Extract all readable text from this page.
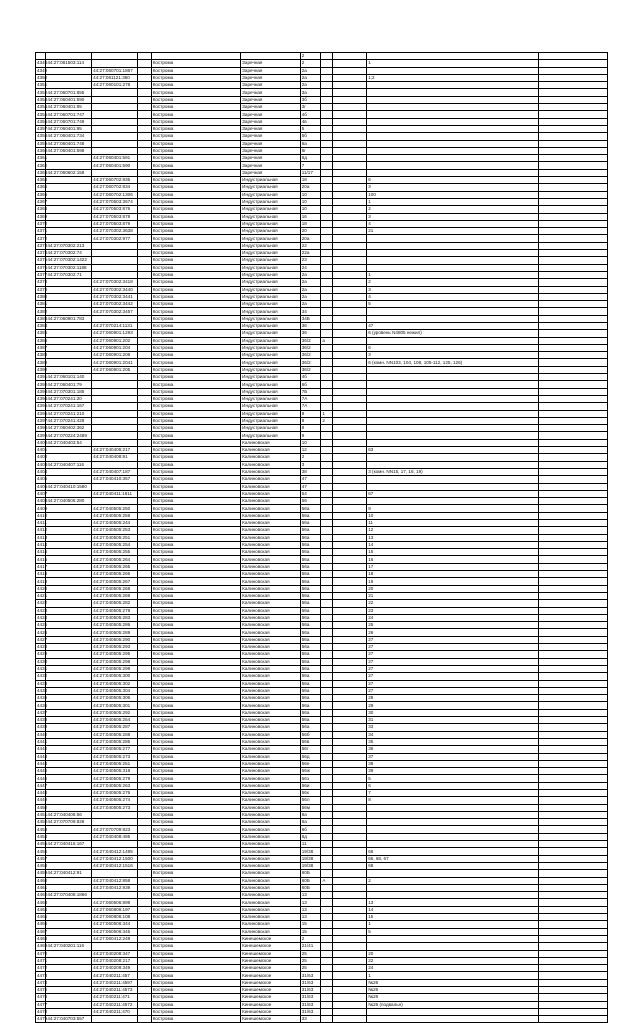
						2				
4348	44:27:081503:114			Кострома	Заречная	2			1	
4349		44:27:060701:1867		Кострома	Заречная	2а				
4350		44:27:061121:360		Кострома	Заречная	2а			1;2	
4351		44:27:060101:278		Кострома	Заречная	2а				
4352	44:27:060701:855			Кострома	Заречная	3а				
4353	44:27:060401:590			Кострома	Заречная	3б				
4354	44:27:060401:95			Кострома	Заречная	3г				
4355	44:27:060701:747			Кострома	Заречная	4б				
4356	44:27:060701:749			Кострома	Заречная	4в				
4357	44:27:060401:95			Кострома	Заречная	5				
4358	44:27:060401:734			Кострома	Заречная	5б				
4359	44:27:060401:748			Кострома	Заречная	6а				
4360	44:27:060401:598			Кострома	Заречная	6г				
4361		44:27:060401:591		Кострома	Заречная	6д				
4362		44:27:060401:590		Кострома	Заречная	7				
4363	44:27:060602:158			Кострома	Заречная	11/17				
4364		44:27:060702:835		Кострома	Индустриальная	18			6	
4365		44:27:060702:834		Кострома	Индустриальная	20а			3	
4366		44:27:060702:1306		Кострома	Индустриальная	10			100	
4367		44:27:070503:3674		Кострома	Индустриальная	10			1	
4368		44:27:070503:876		Кострома	Индустриальная	10			2	
4369		44:27:070503:878		Кострома	Индустриальная	16			3	
4370		44:27:070503:879		Кострома	Индустриальная	18			4	
4371		44:27:070302:3638		Кострома	Индустриальная	20			21	
4372		44:27:070302:977		Кострома	Индустриальная	20а				
4373	44:27:070302:213			Кострома	Индустриальная	22				
4374	44:27:070302:74			Кострома	Индустриальная	22а				
4375	44:27:070302:1422			Кострома	Индустриальная	23				
4376	44:27:070302:1188			Кострома	Индустриальная	24				
4377	44:27:070302:71			Кострома	Индустриальная	2а			1	
4378		44:27:070302:3418		Кострома	Индустриальная	2а			2	
4379		44:27:070302:3440		Кострома	Индустриальная	2а			3	
4380		44:27:070302:3441		Кострома	Индустриальная	2а			4	
4381		44:27:070302:3442		Кострома	Индустриальная	2а			5	
4382		44:27:070302:3457		Кострома	Индустриальная	34				
4383	44:27:060901:783			Кострома	Индустриальная	34Б				
4384		44:27:070214:1131		Кострома	Индустриальная	36			47	
4385		44:27:060901:1293		Кострома	Индустриальная	36			6 (уровень N4805 нежил)	
4386		44:27:060901:202		Кострома	Индустриальная	36/2	а			
4387		44:27:060901:204		Кострома	Индустриальная	36/2			6	
4388		44:27:060901:206		Кострома	Индустриальная	36/2			3	
4389		44:27:060901:2041		Кострома	Индустриальная	36/2			6 (комн. NN103, 104, 108, 105-112, 125, 126)	
4390		44:27:060901:205		Кострома	Индустриальная	36/2				
4391	44:27:060101:140			Кострома	Индустриальная	4б				
4392	44:27:060401:79			Кострома	Индустриальная	6б				
4393	44:27:070301:185			Кострома	Индустриальная	7Б				
4394	44:27:070241:20			Кострома	Индустриальная	7А				
4395	44:27:070241:167			Кострома	Индустриальная	7А				
4396	44:27:070241:210			Кострома	Индустриальная	8	1			
4397	44:27:070241:429			Кострома	Индустриальная	8	2			
4398	44:27:060402:362			Кострома	Индустриальная	8				
4399	44:27:070224:2489			Кострома	Индустриальная	9				
4400	44:27:040403:54			Кострома	Калиновская	10				
4401		44:27:040405:217		Кострома	Калиновская	12			63	
4402		44:27:040408:91		Кострома	Калиновская	2				
4403	44:27:040407:116			Кострома	Калиновская	3				
4404		44:27:040407:187		Кострома	Калиновская	38			3 (комн. NN15, 17, 18, 19)	
4405		44:27:040410:357		Кострома	Калиновская	47				
4406	44:27:040410:1580			Кострома	Калиновская	47				
4407		44:27:040411:1611		Кострома	Калиновская	54			67	
4408	44:27:040505:280			Кострома	Калиновская	56				
4409		44:27:040505:250		Кострома	Калиновская	56а			9	
4410		44:27:040505:259		Кострома	Калиновская	56а			10	
4411		44:27:040505:244		Кострома	Калиновская	56а			11	
4412		44:27:040505:253		Кострома	Калиновская	56а			12	
4413		44:27:040505:251		Кострома	Калиновская	56а			13	
4414		44:27:040505:254		Кострома	Калиновская	56а			14	
4415		44:27:040505:255		Кострома	Калиновская	56а			15	
4416		44:27:040505:264		Кострома	Калиновская	56а			16	
4417		44:27:040505:265		Кострома	Калиновская	56а			17	
4418		44:27:040505:266		Кострома	Калиновская	56а			18	
4419		44:27:040505:267		Кострома	Калиновская	56а			19	
4420		44:27:040505:268		Кострома	Калиновская	56а			20	
4421		44:27:040505:269		Кострома	Калиновская	56а			21	
4422		44:27:040505:282		Кострома	Калиновская	56а			22	
4423		44:27:040505:278		Кострома	Калиновская	56а			23	
4424		44:27:040505:283		Кострома	Калиновская	56а			24	
4425		44:27:040505:286		Кострома	Калиновская	56а			25	
4426		44:27:040505:289		Кострома	Калиновская	56а			26	
4427		44:27:040505:290		Кострома	Калиновская	56а			27	
4428		44:27:040505:293		Кострома	Калиновская	56а			27	
4429		44:27:040505:295		Кострома	Калиновская	56а			27	
4430		44:27:040505:298		Кострома	Калиновская	56а			27	
4431		44:27:040505:299		Кострома	Калиновская	56а			27	
4432		44:27:040505:300		Кострома	Калиновская	56а			27	
4433		44:27:040505:302		Кострома	Калиновская	56а			27	
4434		44:27:040505:304		Кострома	Калиновская	56а			27	
4435		44:27:040505:306		Кострома	Калиновская	56а			28	
4436		44:27:040505:301		Кострома	Калиновская	56а			29	
4437		44:27:040505:292		Кострома	Калиновская	56а			30	
4438		44:27:040505:254		Кострома	Калиновская	56а			31	
4439		44:27:040505:287		Кострома	Калиновская	56а			33	
4440		44:27:040505:288		Кострома	Калиновская	56б			34	
4441		44:27:040505:285		Кострома	Калиновская	56в			35	
4442		44:27:040505:277		Кострома	Калиновская	56г			36	
4443		44:27:040505:273		Кострома	Калиновская	56д			37	
4444		44:27:040505:251		Кострома	Калиновская	56е			38	
4445		44:27:040505:318		Кострома	Калиновская	56ж			39	
4446		44:27:040505:279		Кострома	Калиновская	56з			5	
4447		44:27:040505:263		Кострома	Калиновская	56и			6	
4448		44:27:040505:276		Кострома	Калиновская	56к			7	
4449		44:27:040505:274		Кострома	Калиновская	56л			8	
4450		44:27:040505:273		Кострома	Калиновская	56м				
4451	44:27:040406:56			Кострома	Калиновская	6а				
4452	44:27:070709:828			Кострома	Калиновская	6а				
4453		44:27:070709:823		Кострома	Калиновская	6б				
4454		44:27:040408:485		Кострома	Калиновская	6д				
4455	44:27:040415:167			Кострома	Калиновская	11				
4456		44:27:040412:1495		Кострома	Калиновская	19/38			66	
4457		44:27:040412:1500		Кострома	Калиновская	19/38			66, 68, 67	
4458		44:27:040412:1516		Кострома	Калиновская	19/38			68	
4459	44:27:040412:91			Кострома	Калиновская	60Б				
4460		44:27:040412:858		Кострома	Калиновская	60Б	А		2	
4461		44:27:040412:939		Кострома	Калиновская	60Б				
4462	44:27:070408:1866			Кострома	Калиновская	13				
4463		44:27:060506:899		Кострома	Калиновская	13			13	
4464		44:27:060806:197		Кострома	Калиновская	13			14	
4465		44:27:060806:108		Кострома	Калиновская	13			15	
4466		44:27:060506:344		Кострома	Калиновская	15			1	
4467		44:27:060506:345		Кострома	Калиновская	15			5	
4468		44:27:060412:249		Кострома	Кинешемское	2				
4469	44:27:040201:116			Кострома	Кинешемское	21/41				
4470		44:27:040208:347		Кострома	Кинешемское	25			20	
4471		44:27:040208:217		Кострома	Кинешемское	25			22	
4472		44:27:040208:349		Кострома	Кинешемское	25			24	
4473		44:27:040211:457		Кострома	Кинешемское	31/63			1	
4474		44:27:040211:4597		Кострома	Кинешемское	31/63			№26	
4475		44:27:040211:4573		Кострома	Кинешемское	31/63			№26	
4476		44:27:040211:471		Кострома	Кинешемское	31/63			№26	
4477		44:27:040211:4572		Кострома	Кинешемское	31/63			№26 (подвальн)	
4478		44:27:040211:470		Кострома	Кинешемское	31/63				
4479	44:27:040703:557			Кострома	Кинешемское	33				
